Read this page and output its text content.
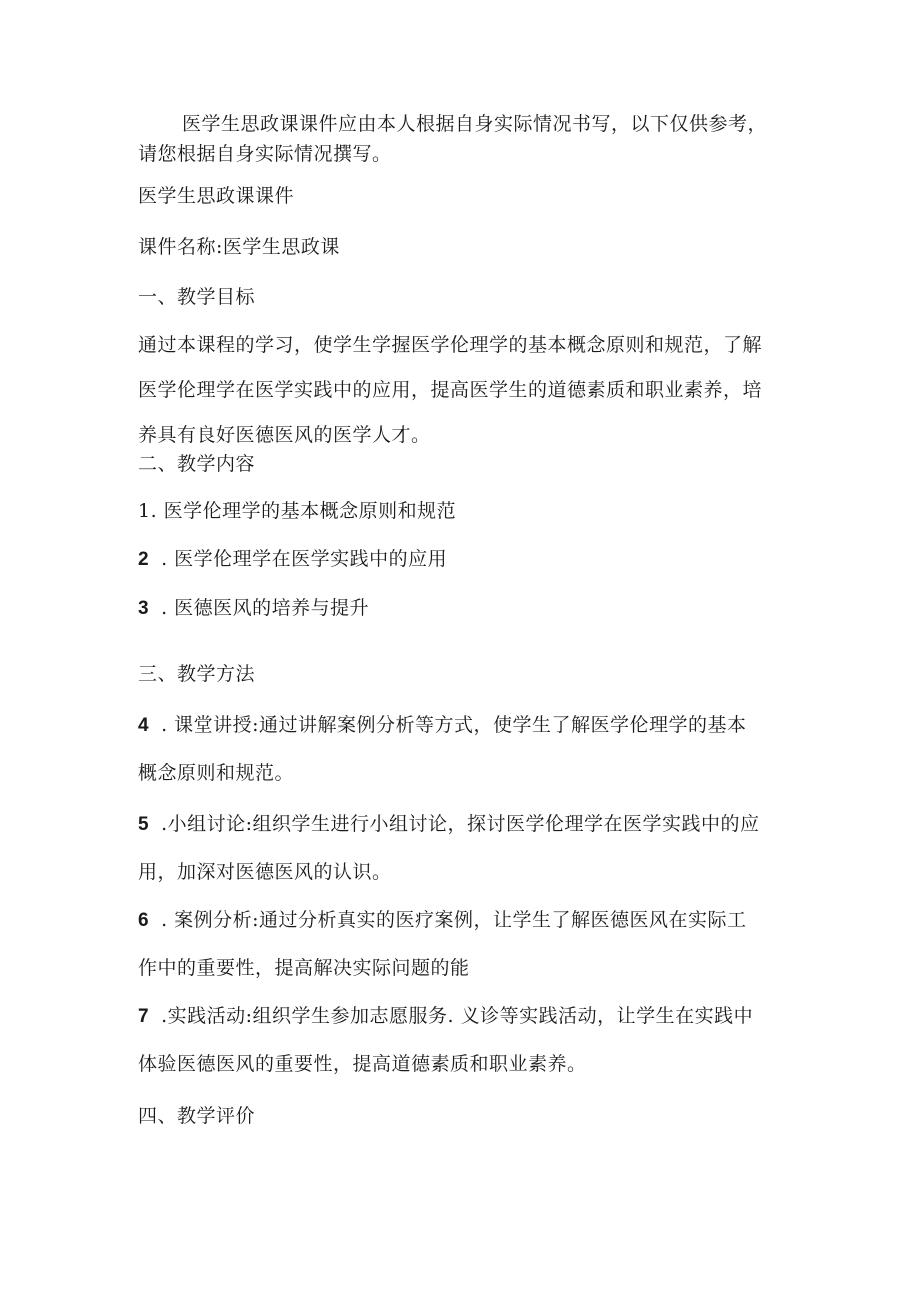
医学生思政课课件应由本人根据自身实际情况书写，以下仅供参考，
请您根据自身实际情况撰写。
医学生思政课课件
课件名称:医学生思政课
一、教学目标
通过本课程的学习，使学生学握医学伦理学的基本概念原则和规范，了解
医学伦理学在医学实践中的应用，提高医学生的道德素质和职业素养，培
养具有良好医德医风的医学人才。
二、教学内容
1. 医学伦理学的基本概念原则和规范
2 . 医学伦理学在医学实践中的应用
3 . 医德医风的培养与提升
三、教学方法
4 . 课堂讲授:通过讲解案例分析等方式，使学生了解医学伦理学的基本
概念原则和规范。
5 .小组讨论:组织学生进行小组讨论，探讨医学伦理学在医学实践中的应
用，加深对医德医风的认识。
6 . 案例分析:通过分析真实的医疗案例，让学生了解医德医风在实际工
作中的重要性，提高解决实际问题的能
7 .实践活动:组织学生参加志愿服务. 义诊等实践活动，让学生在实践中
体验医德医风的重要性，提高道德素质和职业素养。
四、教学评价
